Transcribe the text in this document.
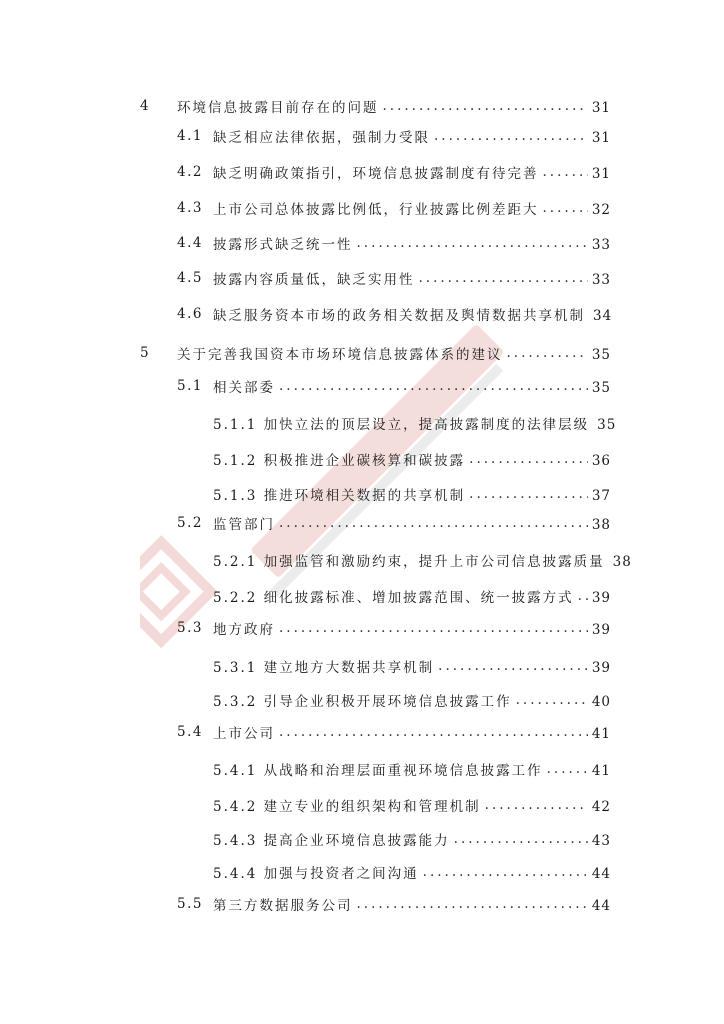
4 环境信息披露目前存在的问题 .....	31
4.1 缺乏相应法律依据，强制力受限 .....	31
4.2 缺乏明确政策指引，环境信息披露制度有待完善 .....	31
4.3 上市公司总体披露比例低，行业披露比例差距大 .....	32
4.4 披露形式缺乏统一性 .....	33
4.5 披露内容质量低，缺乏实用性 .....	33
4.6 缺乏服务资本市场的政务相关数据及舆情数据共享机制 34
5 关于完善我国资本市场环境信息披露体系的建议 .....	35
5.1 相关部委 .....	35
5.1.1 加快立法的顶层设立，提高披露制度的法律层级 35
5.1.2 积极推进企业碳核算和碳披露 .....	36
5.1.3 推进环境相关数据的共享机制 .....	37
5.2 监管部门 .....	38
5.2.1 加强监管和激励约束，提升上市公司信息披露质量 38
5.2.2 细化披露标准、增加披露范围、统一披露方式 ..... 39
5.3 地方政府 .....	39
5.3.1 建立地方大数据共享机制 .....	39
5.3.2 引导企业积极开展环境信息披露工作 .....	40
5.4 上市公司 .....	41
5.4.1 从战略和治理层面重视环境信息披露工作 .....	41
5.4.2 建立专业的组织架构和管理机制 .....	42
5.4.3 提高企业环境信息披露能力 .....	43
5.4.4 加强与投资者之间沟通 .....	44
5.5 第三方数据服务公司 .....	44
